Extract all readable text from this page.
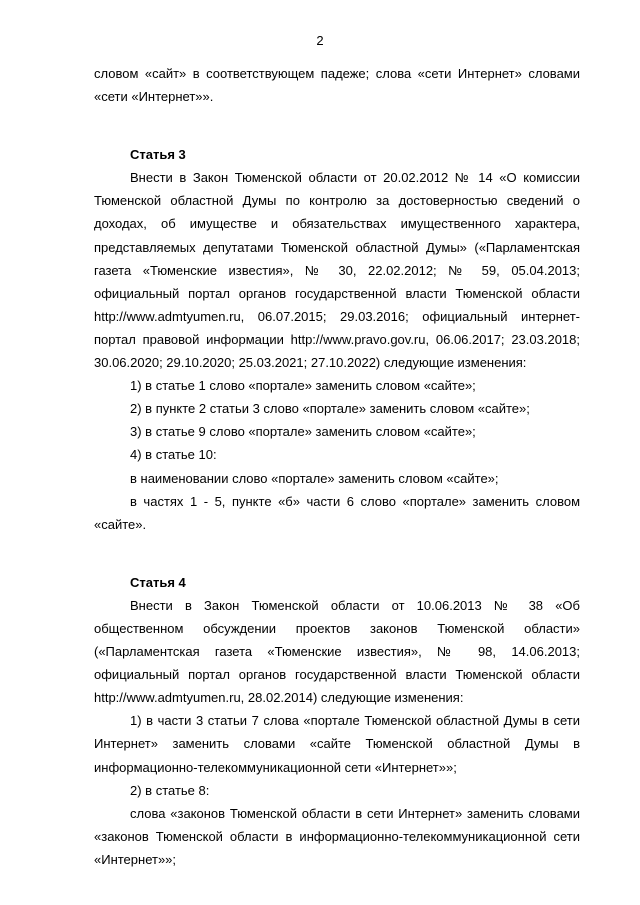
2

словом «сайт» в соответствующем падеже; слова «сети Интернет» словами «сети «Интернет»».

Статья 3

Внести в Закон Тюменской области от 20.02.2012 № 14 «О комиссии Тюменской областной Думы по контролю за достоверностью сведений о доходах, об имуществе и обязательствах имущественного характера, представляемых депутатами Тюменской областной Думы» («Парламентская газета «Тюменские известия», № 30, 22.02.2012; № 59, 05.04.2013; официальный портал органов государственной власти Тюменской области http://www.admtyumen.ru, 06.07.2015; 29.03.2016; официальный интернет-портал правовой информации http://www.pravo.gov.ru, 06.06.2017; 23.03.2018; 30.06.2020; 29.10.2020; 25.03.2021; 27.10.2022) следующие изменения:

1) в статье 1 слово «портале» заменить словом «сайте»;

2) в пункте 2 статьи 3 слово «портале» заменить словом «сайте»;

3) в статье 9 слово «портале» заменить словом «сайте»;

4) в статье 10:

в наименовании слово «портале» заменить словом «сайте»;

в частях 1 - 5, пункте «б» части 6 слово «портале» заменить словом «сайте».

Статья 4

Внести в Закон Тюменской области от 10.06.2013 № 38 «Об общественном обсуждении проектов законов Тюменской области» («Парламентская газета «Тюменские известия», № 98, 14.06.2013; официальный портал органов государственной власти Тюменской области http://www.admtyumen.ru, 28.02.2014) следующие изменения:

1) в части 3 статьи 7 слова «портале Тюменской областной Думы в сети Интернет» заменить словами «сайте Тюменской областной Думы в информационно-телекоммуникационной сети «Интернет»»;

2) в статье 8:

слова «законов Тюменской области в сети Интернет» заменить словами «законов Тюменской области в информационно-телекоммуникационной сети «Интернет»»;
